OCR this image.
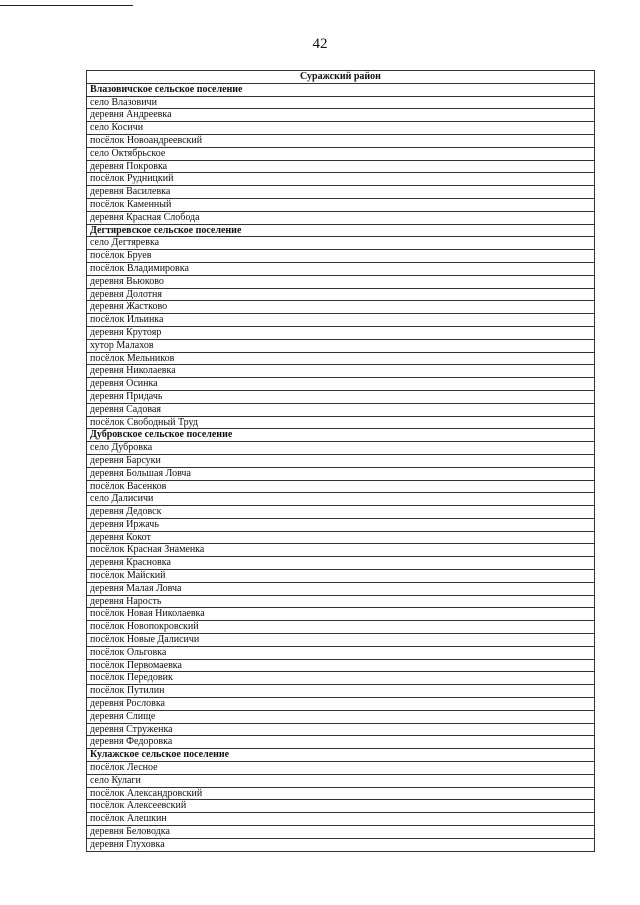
42
Суражский район
Влазовичское сельское поселение
село Влазовичи
деревня Андреевка
село Косичи
посёлок Новоандреевский
село Октябрьское
деревня Покровка
посёлок Рудницкий
деревня Василевка
посёлок Каменный
деревня Красная Слобода
Дегтяревское сельское поселение
село Дегтяревка
посёлок Бруев
посёлок Владимировка
деревня Вьюково
деревня Долотня
деревня Жастково
посёлок Ильинка
деревня Крутояр
хутор Малахов
посёлок Мельников
деревня Николаевка
деревня Осинка
деревня Придачь
деревня Садовая
посёлок Свободный Труд
Дубровское сельское поселение
село Дубровка
деревня Барсуки
деревня Большая Ловча
посёлок Васенков
село Далисичи
деревня Дедовск
деревня Иржачь
деревня Кокот
посёлок Красная Знаменка
деревня Красновка
посёлок Майский
деревня Малая Ловча
деревня Нарость
посёлок Новая Николаевка
посёлок Новопокровский
посёлок Новые Далисичи
посёлок Ольговка
посёлок Первомаевка
посёлок Передовик
посёлок Путилин
деревня Рословка
деревня Слище
деревня Струженка
деревня Федоровка
Кулажское сельское поселение
посёлок Лесное
село Кулаги
посёлок Александровский
посёлок Алексеевский
посёлок Алешкин
деревня Беловодка
деревня Глуховка
